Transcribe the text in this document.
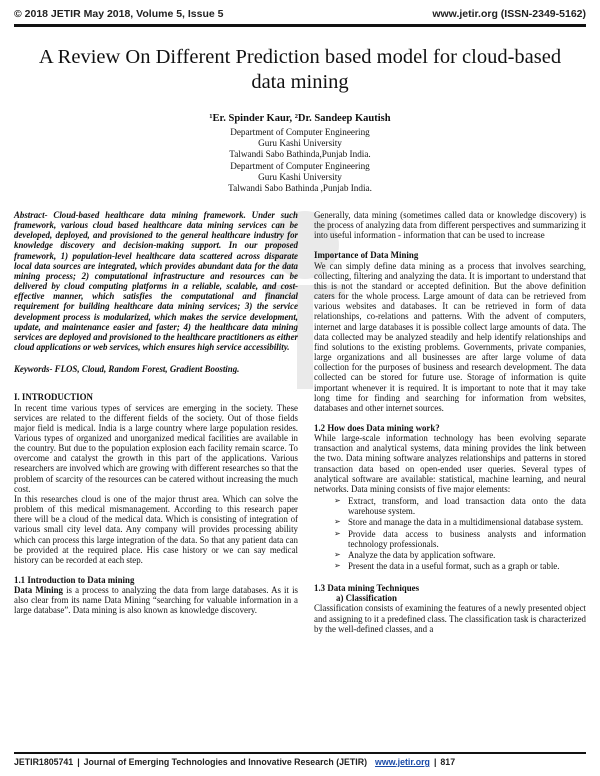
© 2018 JETIR May 2018, Volume 5, Issue 5	www.jetir.org (ISSN-2349-5162)
A Review On Different Prediction based model for cloud-based data mining
¹Er. Spinder Kaur, ²Dr. Sandeep Kautish
Department of Computer Engineering
Guru Kashi University
Talwandi Sabo Bathinda,Punjab India.
Department of Computer Engineering
Guru Kashi University
Talwandi Sabo Bathinda ,Punjab India.

Abstract- Cloud-based healthcare data mining framework. Under such framework, various cloud based healthcare data mining services can be developed, deployed, and provisioned to the general healthcare industry for knowledge discovery and decision-making support. In our proposed framework, 1) population-level healthcare data scattered across disparate local data sources are integrated, which provides abundant data for the data mining process; 2) computational infrastructure and resources can be delivered by cloud computing platforms in a reliable, scalable, and cost-effective manner, which satisfies the computational and financial requirement for building healthcare data mining services; 3) the service development process is modularized, which makes the service development, update, and maintenance easier and faster; 4) the healthcare data mining services are deployed and provisioned to the healthcare practitioners as either cloud applications or web services, which ensures high service accessibility.

Keywords- FLOS, Cloud, Random Forest, Gradient Boosting.

I. INTRODUCTION

In recent time various types of services are emerging in the society. These services are related to the different fields of the society. Out of those fields major field is medical. India is a large country where large population resides. Various types of organized and unorganized medical facilities are available in the country. But due to the population explosion each facility remain scarce. To overcome and catalyst the growth in this part of the applications. Various researchers are involved which are growing with different researches so that the problem of scarcity of the resources can be catered without increasing the much cost.

In this researches cloud is one of the major thrust area. Which can solve the problem of this medical mismanagement. According to this research paper there will be a cloud of the medical data. Which is consisting of integration of various small city level data. Any company will provides processing ability which can process this large integration of the data. So that any patient data can be provided at the required place. His case history or we can say medical history can be recorded at each step.

1.1 Introduction to Data mining

Data Mining is a process to analyzing the data from large databases. As it is also clear from its name Data Mining “searching for valuable information in a large database”. Data mining is also known as knowledge discovery.

Generally, data mining (sometimes called data or knowledge discovery) is the process of analyzing data from different perspectives and summarizing it into useful information - information that can be used to increase

Importance of Data Mining

We can simply define data mining as a process that involves searching, collecting, filtering and analyzing the data. It is important to understand that this is not the standard or accepted definition. But the above definition caters for the whole process. Large amount of data can be retrieved from various websites and databases. It can be retrieved in form of data relationships, co-relations and patterns. With the advent of computers, internet and large databases it is possible collect large amounts of data. The data collected may be analyzed steadily and help identify relationships and find solutions to the existing problems. Governments, private companies, large organizations and all businesses are after large volume of data collection for the purposes of business and research development. The data collected can be stored for future use. Storage of information is quite important whenever it is required. It is important to note that it may take long time for finding and searching for information from websites, databases and other internet sources.

1.2 How does Data mining work?

While large-scale information technology has been evolving separate transaction and analytical systems, data mining provides the link between the two. Data mining software analyzes relationships and patterns in stored transaction data based on open-ended user queries. Several types of analytical software are available: statistical, machine learning, and neural networks. Data mining consists of five major elements:

➢ Extract, transform, and load transaction data onto the data warehouse system.
➢ Store and manage the data in a multidimensional database system.
➢ Provide data access to business analysts and information technology professionals.
➢ Analyze the data by application software.
➢ Present the data in a useful format, such as a graph or table.

1.3 Data mining Techniques

a) Classification

Classification consists of examining the features of a newly presented object and assigning to it a predefined class. The classification task is characterized by the well-defined classes, and a

JETIR1805741 | Journal of Emerging Technologies and Innovative Research (JETIR) www.jetir.org | 817
